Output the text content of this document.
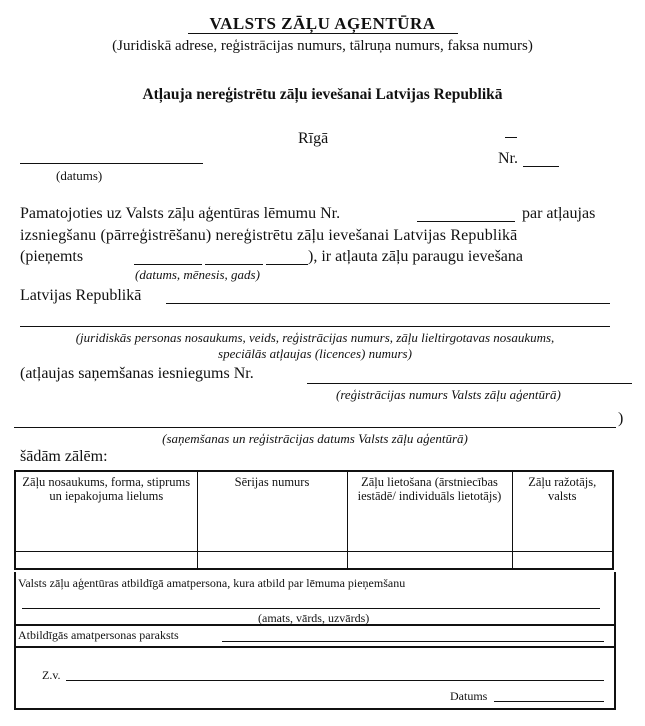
VALSTS ZĀĻU AĢENTŪRA
(Juridiskā adrese, reģistrācijas numurs, tālruņa numurs, faksa numurs)
Atļauja nereģistrētu zāļu ievešanai Latvijas Republikā
Rīgā
Nr.
(datums)
Pamatojoties uz Valsts zāļu aģentūras lēmumu Nr.	par atļaujas
izsniegšanu (pārreģistrēšanu) nereģistrētu zāļu ievešanai Latvijas Republikā
(pieņemts	), ir atļauta zāļu paraugu ievešana
(datums, mēnesis, gads)
Latvijas Republikā
(juridiskās personas nosaukums, veids, reģistrācijas numurs, zāļu lieltirgotavas nosaukums,
speciālās atļaujas (licences) numurs)
(atļaujas saņemšanas iesniegums Nr.
(reģistrācijas numurs Valsts zāļu aģentūrā)
)
(saņemšanas un reģistrācijas datums Valsts zāļu aģentūrā)
šādām zālēm:
Zāļu nosaukums, forma, stiprums un iepakojuma lielums	Sērijas numurs	Zāļu lietošana (ārstniecības iestādē/ individuāls lietotājs)	Zāļu ražotājs, valsts

Valsts zāļu aģentūras atbildīgā amatpersona, kura atbild par lēmuma pieņemšanu
(amats, vārds, uzvārds)
Atbildīgās amatpersonas paraksts
Z.v.
Datums
